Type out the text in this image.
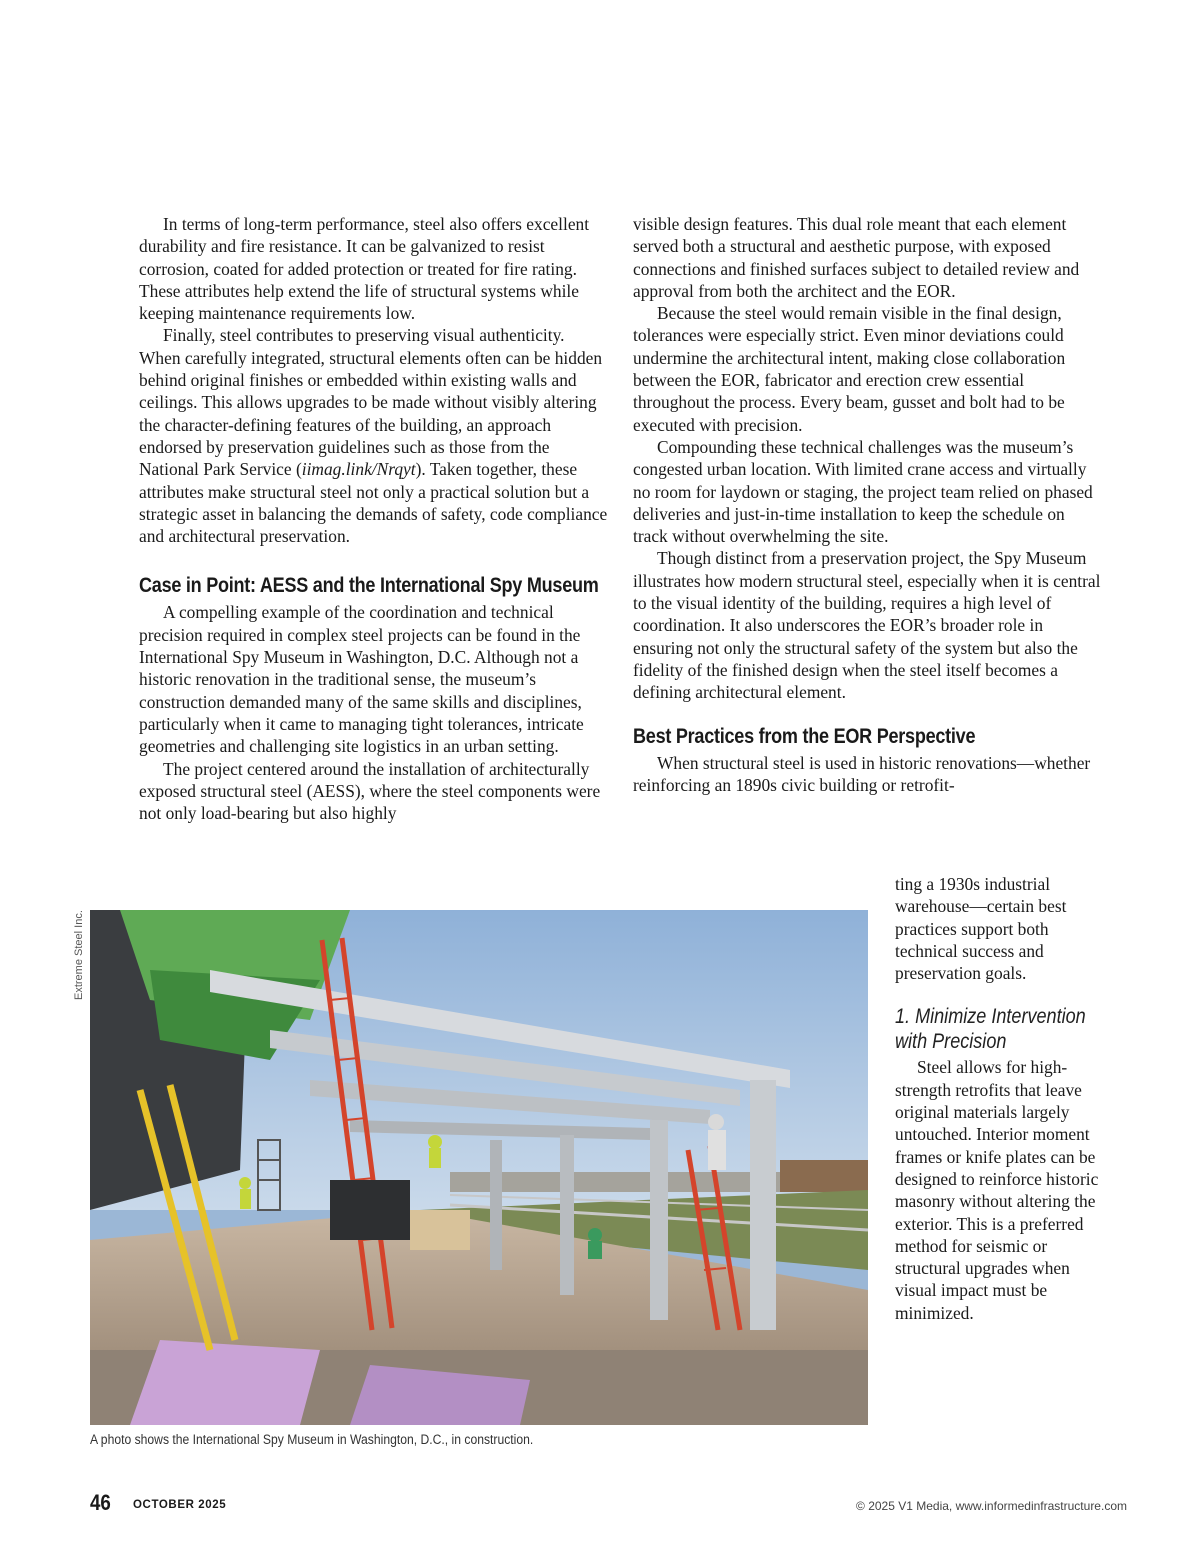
In terms of long-term performance, steel also offers excellent durability and fire resistance. It can be galvanized to resist corrosion, coated for added protection or treated for fire rating. These attributes help extend the life of structural systems while keeping maintenance requirements low.

Finally, steel contributes to preserving visual authenticity. When carefully integrated, structural elements often can be hidden behind original finishes or embedded within existing walls and ceilings. This allows upgrades to be made without visibly altering the character-defining features of the building, an approach endorsed by preservation guidelines such as those from the National Park Service (iimag.link/Nrqyt). Taken together, these attributes make structural steel not only a practical solution but a strategic asset in balancing the demands of safety, code compliance and architectural preservation.

Case in Point: AESS and the International Spy Museum

A compelling example of the coordination and technical precision required in complex steel projects can be found in the International Spy Museum in Washington, D.C. Although not a historic renovation in the traditional sense, the museum’s construction demanded many of the same skills and disciplines, particularly when it came to managing tight tolerances, intricate geometries and challenging site logistics in an urban setting.

The project centered around the installation of architecturally exposed structural steel (AESS), where the steel components were not only load-bearing but also highly

visible design features. This dual role meant that each element served both a structural and aesthetic purpose, with exposed connections and finished surfaces subject to detailed review and approval from both the architect and the EOR.

Because the steel would remain visible in the final design, tolerances were especially strict. Even minor deviations could undermine the architectural intent, making close collaboration between the EOR, fabricator and erection crew essential throughout the process. Every beam, gusset and bolt had to be executed with precision.

Compounding these technical challenges was the museum’s congested urban location. With limited crane access and virtually no room for laydown or staging, the project team relied on phased deliveries and just-in-time installation to keep the schedule on track without overwhelming the site.

Though distinct from a preservation project, the Spy Museum illustrates how modern structural steel, especially when it is central to the visual identity of the building, requires a high level of coordination. It also underscores the EOR’s broader role in ensuring not only the structural safety of the system but also the fidelity of the finished design when the steel itself becomes a defining architectural element.

Best Practices from the EOR Perspective

When structural steel is used in historic renovations—whether reinforcing an 1890s civic building or retrofit-

ting a 1930s industrial warehouse—certain best practices support both technical success and preservation goals.

1. Minimize Intervention
with Precision

Steel allows for high-strength retrofits that leave original materials largely untouched. Interior moment frames or knife plates can be designed to reinforce historic masonry without altering the exterior. This is a preferred method for seismic or structural upgrades when visual impact must be minimized.

Extreme Steel Inc.
A photo shows the International Spy Museum in Washington, D.C., in construction.
46 OCTOBER 2025	© 2025 V1 Media, www.informedinfrastructure.com
